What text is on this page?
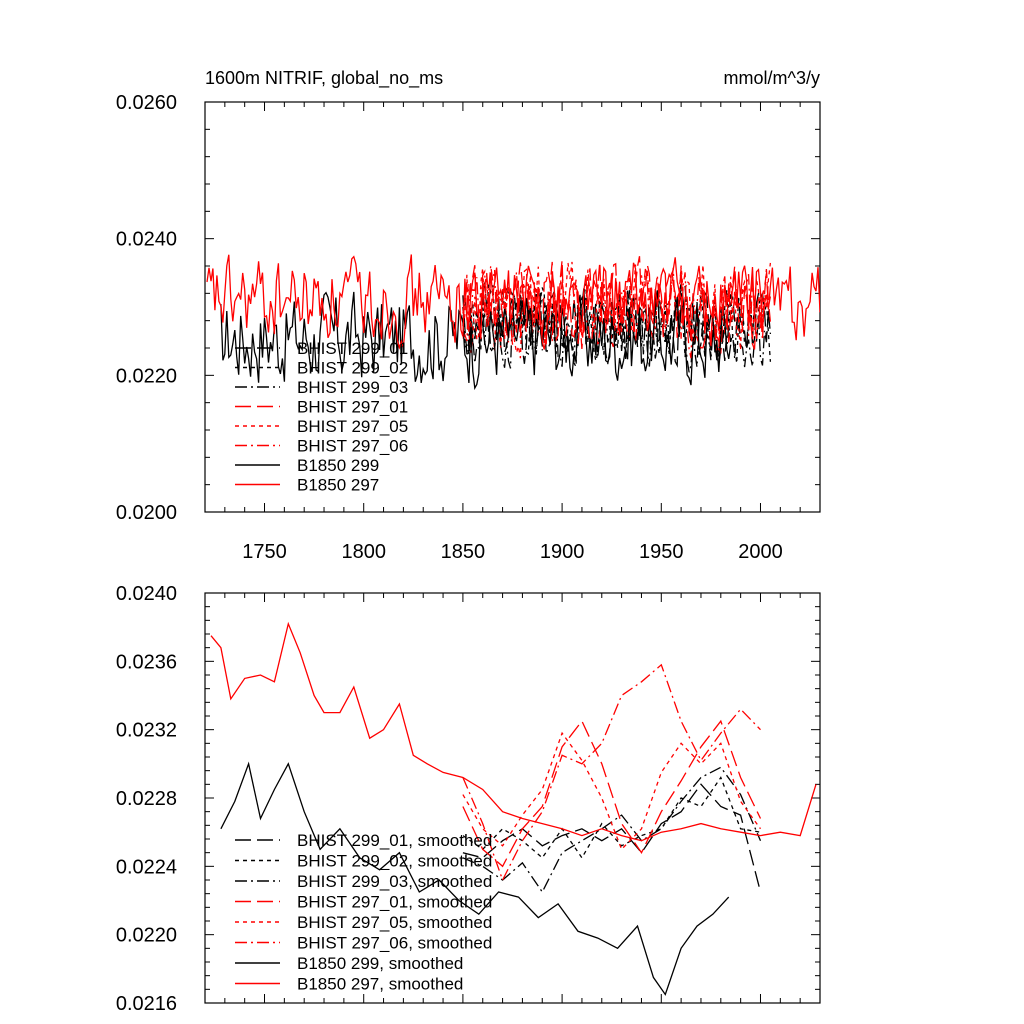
1600m NITRIF, global_no_ms	mmol/m^3/y
1750	1800	1850	1900	1950	2000
0.0200
0.0220
0.0240
0.0260
BHIST 299_01
BHIST 299_02
BHIST 299_03
BHIST 297_01
BHIST 297_05
BHIST 297_06
B1850 299
B1850 297
0.0216
0.0220
0.0224
0.0228
0.0232
0.0236
0.0240
BHIST 299_01, smoothed
BHIST 299_02, smoothed
BHIST 299_03, smoothed
BHIST 297_01, smoothed
BHIST 297_05, smoothed
BHIST 297_06, smoothed
B1850 299, smoothed
B1850 297, smoothed
